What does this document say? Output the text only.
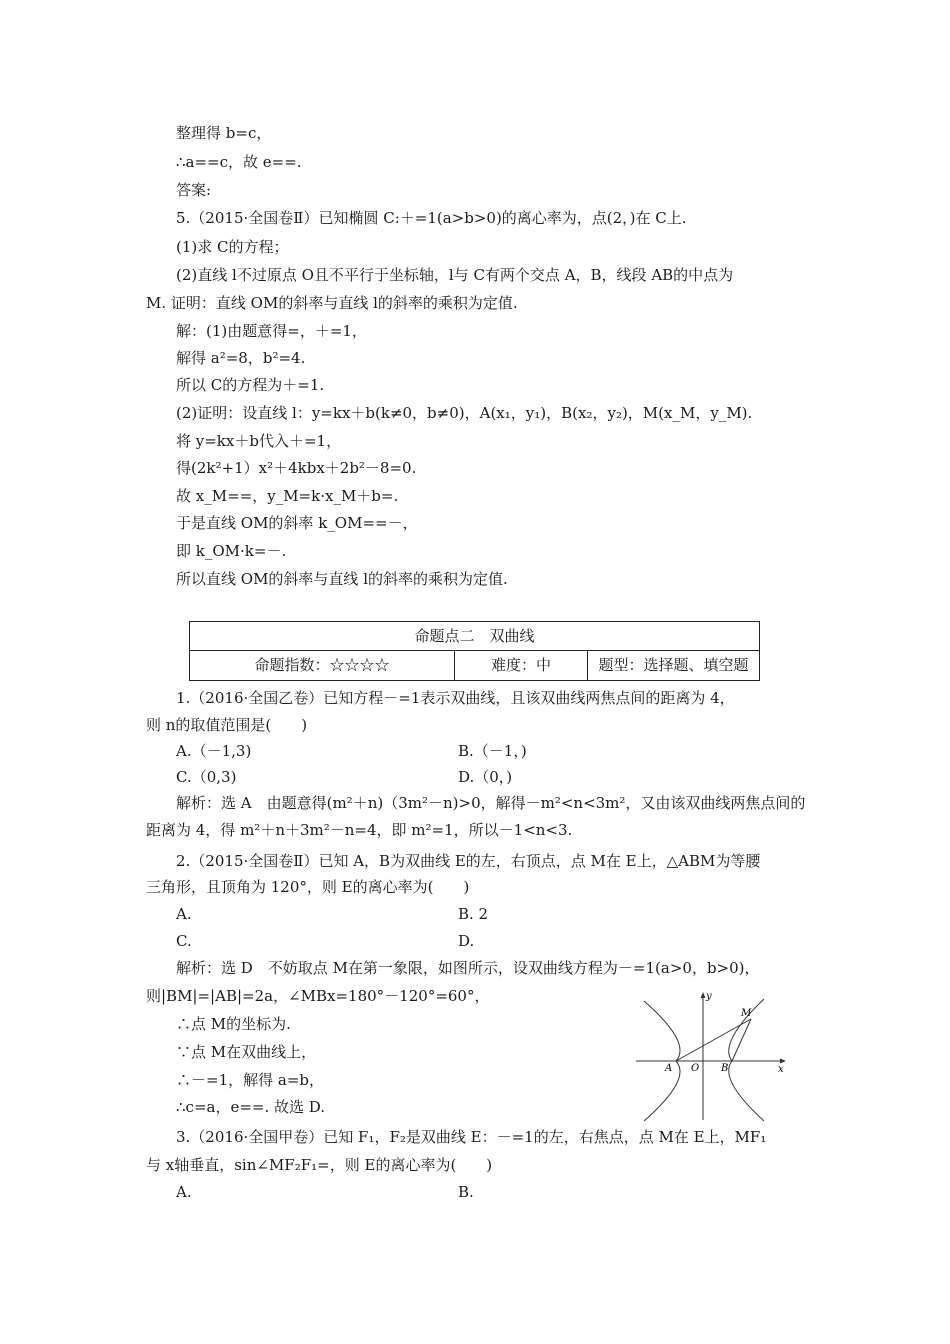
整理得 b=c，
∴a==c，故 e==.
答案:
5.（2015·全国卷Ⅱ）已知椭圆 C:＋=1(a>b>0)的离心率为，点(2，)在 C上.
(1)求 C的方程；
(2)直线 l不过原点 O且不平行于坐标轴，l与 C有两个交点 A，B，线段 AB的中点为
M. 证明：直线 OM的斜率与直线 l的斜率的乘积为定值.
解：(1)由题意得=，＋=1，
解得 a²=8，b²=4.
所以 C的方程为＋=1.
(2)证明：设直线 l：y=kx＋b(k≠0，b≠0)，A(x₁，y₁)，B(x₂，y₂)，M(x_M，y_M).
将 y=kx＋b代入＋=1，
得(2k²+1）x²＋4kbx＋2b²－8=0.
故 x_M==，y_M=k·x_M＋b=.
于是直线 OM的斜率 k_OM==－，
即 k_OM·k=－.
所以直线 OM的斜率与直线 l的斜率的乘积为定值.
命题点二　双曲线
命题指数：☆☆☆☆	难度：中	题型：选择题、填空题
1.（2016·全国乙卷）已知方程－=1表示双曲线，且该双曲线两焦点间的距离为 4，
则 n的取值范围是(　　)
A.（－1,3)	B.（－1，)
C.（0,3)	D.（0，)
解析：选 A　由题意得(m²＋n)（3m²－n)>0，解得－m²<n<3m²，又由该双曲线两焦点间的
距离为 4，得 m²＋n＋3m²－n=4，即 m²=1，所以－1<n<3.
2.（2015·全国卷Ⅱ）已知 A，B为双曲线 E的左，右顶点，点 M在 E上，△ABM为等腰
三角形，且顶角为 120°，则 E的离心率为(　　)
A.	B. 2
C.	D.
解析：选 D　不妨取点 M在第一象限，如图所示，设双曲线方程为－=1(a>0，b>0)，
则|BM|=|AB|=2a，∠MBx=180°－120°=60°，
∴点 M的坐标为.
∵点 M在双曲线上，
∴－=1，解得 a=b，
∴c=a，e==. 故选 D.
y
x
M
A O B
3.（2016·全国甲卷）已知 F₁，F₂是双曲线 E：－=1的左，右焦点，点 M在 E上，MF₁
与 x轴垂直，sin∠MF₂F₁=，则 E的离心率为(　　)
A.	B.
